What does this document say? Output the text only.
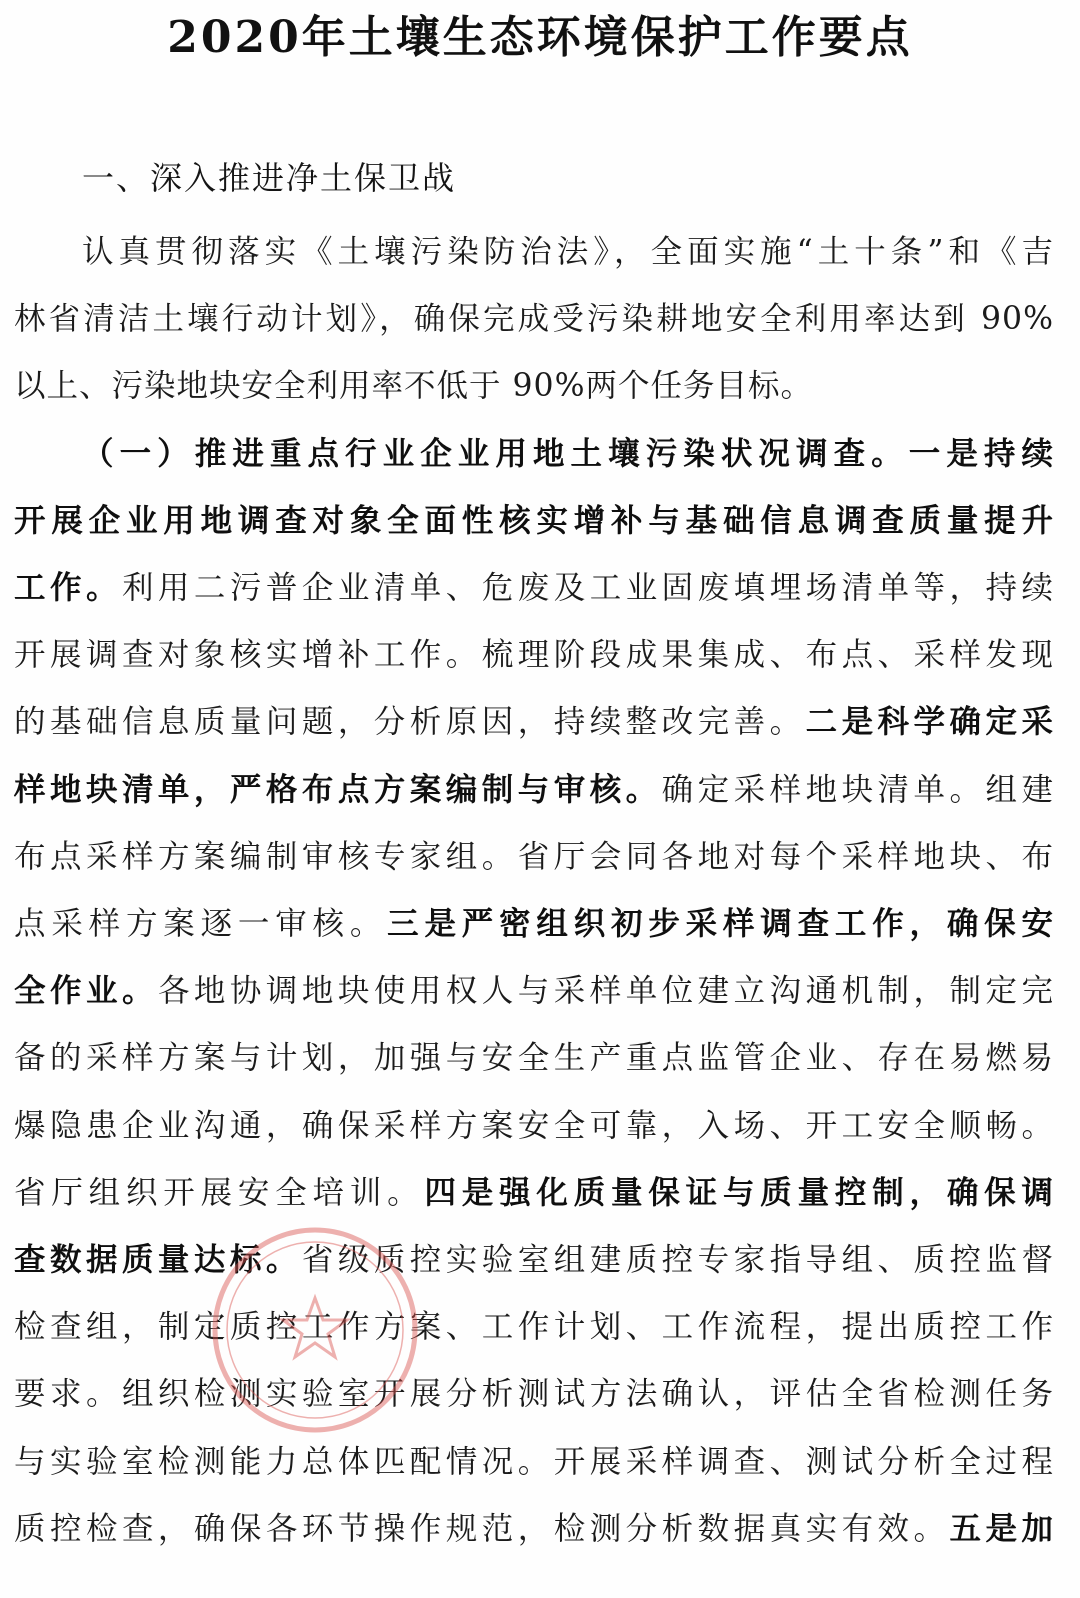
2020年土壤生态环境保护工作要点
一、深入推进净土保卫战
认真贯彻落实《土壤污染防治法》，全面实施“土十条”和《吉
林省清洁土壤行动计划》，确保完成受污染耕地安全利用率达到 90%
以上、污染地块安全利用率不低于 90%两个任务目标。
（一）推进重点行业企业用地土壤污染状况调查。一是持续
开展企业用地调查对象全面性核实增补与基础信息调查质量提升
工作。利用二污普企业清单、危废及工业固废填埋场清单等，持续
开展调查对象核实增补工作。梳理阶段成果集成、布点、采样发现
的基础信息质量问题，分析原因，持续整改完善。二是科学确定采
样地块清单，严格布点方案编制与审核。确定采样地块清单。组建
布点采样方案编制审核专家组。省厅会同各地对每个采样地块、布
点采样方案逐一审核。三是严密组织初步采样调查工作，确保安
全作业。各地协调地块使用权人与采样单位建立沟通机制，制定完
备的采样方案与计划，加强与安全生产重点监管企业、存在易燃易
爆隐患企业沟通，确保采样方案安全可靠，入场、开工安全顺畅。
省厅组织开展安全培训。四是强化质量保证与质量控制，确保调
查数据质量达标。省级质控实验室组建质控专家指导组、质控监督
检查组，制定质控工作方案、工作计划、工作流程，提出质控工作
要求。组织检测实验室开展分析测试方法确认，评估全省检测任务
与实验室检测能力总体匹配情况。开展采样调查、测试分析全过程
质控检查，确保各环节操作规范，检测分析数据真实有效。五是加
